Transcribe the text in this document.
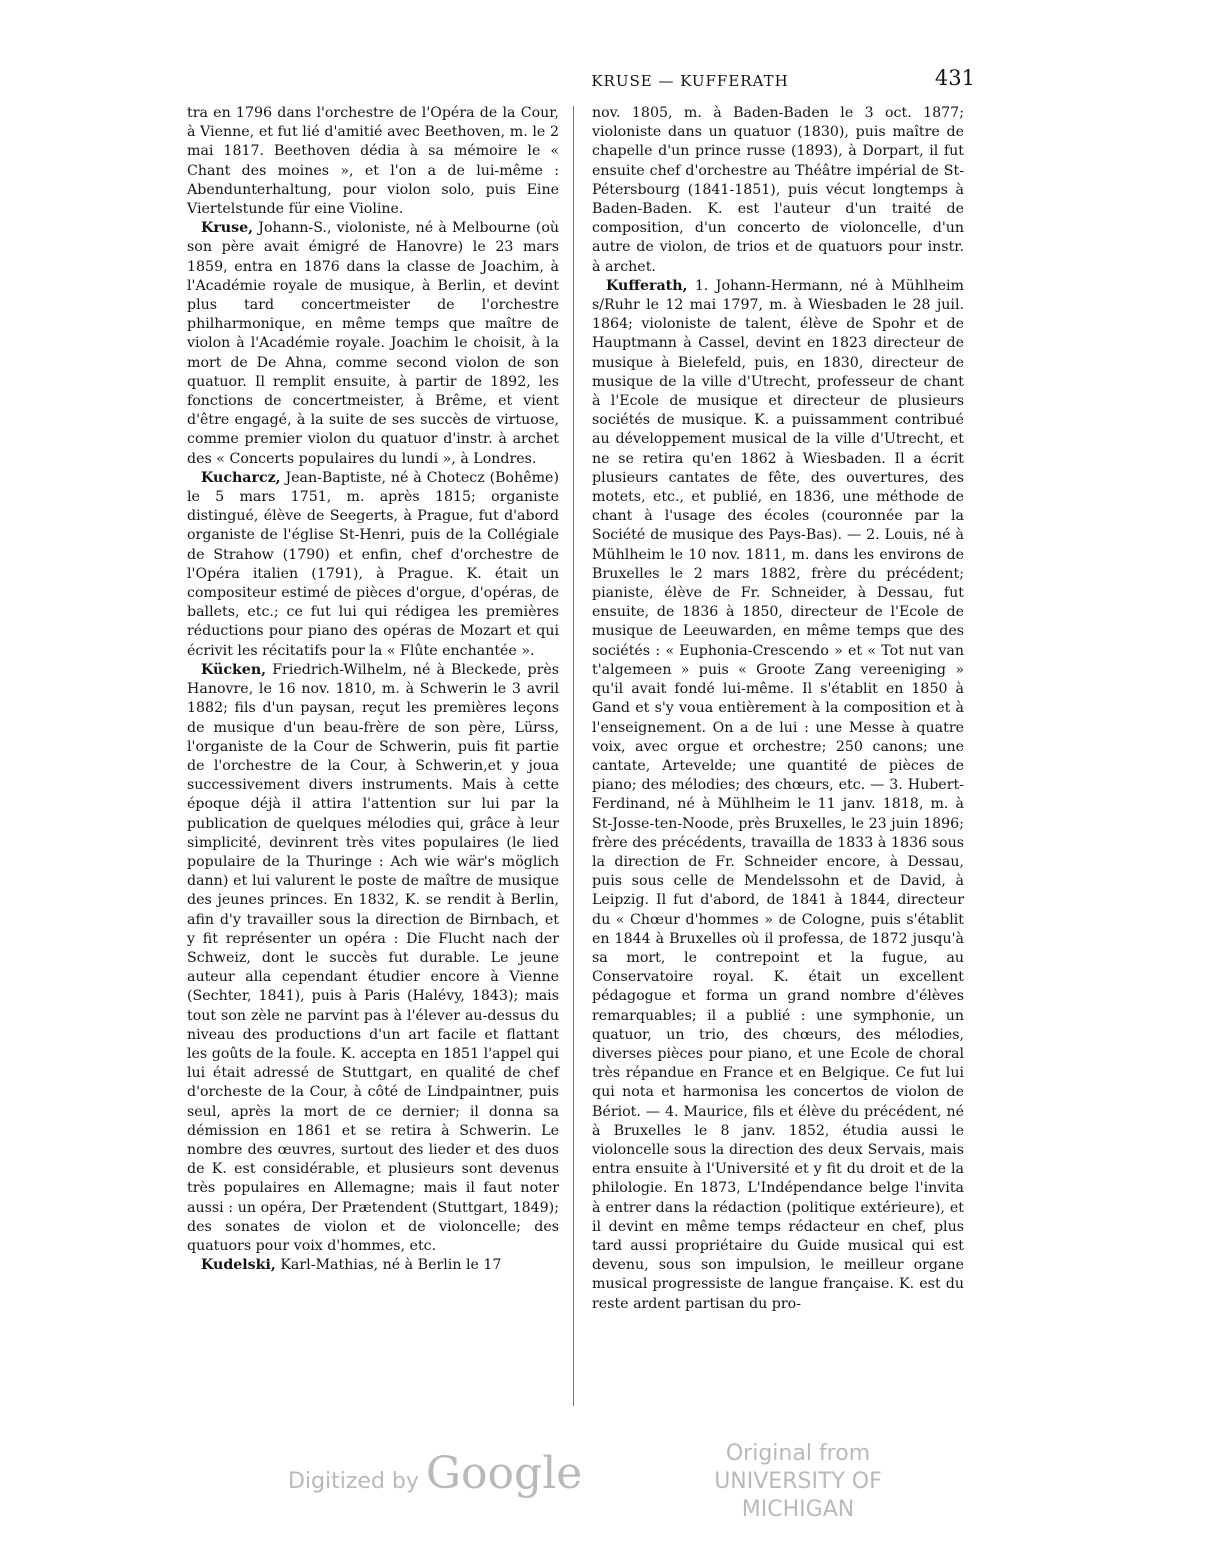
KRUSE — KUFFERATH	431

tra en 1796 dans l'orchestre de l'Opéra de la Cour, à Vienne, et fut lié d'amitié avec Beethoven, m. le 2 mai 1817. Beethoven dédia à sa mémoire le « Chant des moines », et l'on a de lui-même : Abendunterhaltung, pour violon solo, puis Eine Viertelstunde für eine Violine.

Kruse, Johann-S., violoniste, né à Melbourne (où son père avait émigré de Hanovre) le 23 mars 1859, entra en 1876 dans la classe de Joachim, à l'Académie royale de musique, à Berlin, et devint plus tard concertmeister de l'orchestre philharmonique, en même temps que maître de violon à l'Académie royale. Joachim le choisit, à la mort de De Ahna, comme second violon de son quatuor. Il remplit ensuite, à partir de 1892, les fonctions de concertmeister, à Brême, et vient d'être engagé, à la suite de ses succès de virtuose, comme premier violon du quatuor d'instr. à archet des « Concerts populaires du lundi », à Londres.

Kucharcz, Jean-Baptiste, né à Chotecz (Bohême) le 5 mars 1751, m. après 1815; organiste distingué, élève de Seegerts, à Prague, fut d'abord organiste de l'église St-Henri, puis de la Collégiale de Strahow (1790) et enfin, chef d'orchestre de l'Opéra italien (1791), à Prague. K. était un compositeur estimé de pièces d'orgue, d'opéras, de ballets, etc.; ce fut lui qui rédigea les premières réductions pour piano des opéras de Mozart et qui écrivit les récitatifs pour la « Flûte enchantée ».

Kücken, Friedrich-Wilhelm, né à Bleckede, près Hanovre, le 16 nov. 1810, m. à Schwerin le 3 avril 1882; fils d'un paysan, reçut les premières leçons de musique d'un beau-frère de son père, Lürss, l'organiste de la Cour de Schwerin, puis fit partie de l'orchestre de la Cour, à Schwerin,et y joua successivement divers instruments. Mais à cette époque déjà il attira l'attention sur lui par la publication de quelques mélodies qui, grâce à leur simplicité, devinrent très vites populaires (le lied populaire de la Thuringe : Ach wie wär's möglich dann) et lui valurent le poste de maître de musique des jeunes princes. En 1832, K. se rendit à Berlin, afin d'y travailler sous la direction de Birnbach, et y fit représenter un opéra : Die Flucht nach der Schweiz, dont le succès fut durable. Le jeune auteur alla cependant étudier encore à Vienne (Sechter, 1841), puis à Paris (Halévy, 1843); mais tout son zèle ne parvint pas à l'élever au-dessus du niveau des productions d'un art facile et flattant les goûts de la foule. K. accepta en 1851 l'appel qui lui était adressé de Stuttgart, en qualité de chef d'orcheste de la Cour, à côté de Lindpaintner, puis seul, après la mort de ce dernier; il donna sa démission en 1861 et se retira à Schwerin. Le nombre des œuvres, surtout des lieder et des duos de K. est considérable, et plusieurs sont devenus très populaires en Allemagne; mais il faut noter aussi : un opéra, Der Prætendent (Stuttgart, 1849); des sonates de violon et de violoncelle; des quatuors pour voix d'hommes, etc.

Kudelski, Karl-Mathias, né à Berlin le 17

nov. 1805, m. à Baden-Baden le 3 oct. 1877; violoniste dans un quatuor (1830), puis maître de chapelle d'un prince russe (1893), à Dorpart, il fut ensuite chef d'orchestre au Théâtre impérial de St-Pétersbourg (1841-1851), puis vécut longtemps à Baden-Baden. K. est l'auteur d'un traité de composition, d'un concerto de violoncelle, d'un autre de violon, de trios et de quatuors pour instr. à archet.

Kufferath, 1. Johann-Hermann, né à Mühlheim s/Ruhr le 12 mai 1797, m. à Wiesbaden le 28 juil. 1864; violoniste de talent, élève de Spohr et de Hauptmann à Cassel, devint en 1823 directeur de musique à Bielefeld, puis, en 1830, directeur de musique de la ville d'Utrecht, professeur de chant à l'Ecole de musique et directeur de plusieurs sociétés de musique. K. a puissamment contribué au développement musical de la ville d'Utrecht, et ne se retira qu'en 1862 à Wiesbaden. Il a écrit plusieurs cantates de fête, des ouvertures, des motets, etc., et publié, en 1836, une méthode de chant à l'usage des écoles (couronnée par la Société de musique des Pays-Bas). — 2. Louis, né à Mühlheim le 10 nov. 1811, m. dans les environs de Bruxelles le 2 mars 1882, frère du précédent; pianiste, élève de Fr. Schneider, à Dessau, fut ensuite, de 1836 à 1850, directeur de l'Ecole de musique de Leeuwarden, en même temps que des sociétés : « Euphonia-Crescendo » et « Tot nut van t'algemeen » puis « Groote Zang vereeniging » qu'il avait fondé lui-même. Il s'établit en 1850 à Gand et s'y voua entièrement à la composition et à l'enseignement. On a de lui : une Messe à quatre voix, avec orgue et orchestre; 250 canons; une cantate, Artevelde; une quantité de pièces de piano; des mélodies; des chœurs, etc. — 3. Hubert-Ferdinand, né à Mühlheim le 11 janv. 1818, m. à St-Josse-ten-Noode, près Bruxelles, le 23 juin 1896; frère des précédents, travailla de 1833 à 1836 sous la direction de Fr. Schneider encore, à Dessau, puis sous celle de Mendelssohn et de David, à Leipzig. Il fut d'abord, de 1841 à 1844, directeur du « Chœur d'hommes » de Cologne, puis s'établit en 1844 à Bruxelles où il professa, de 1872 jusqu'à sa mort, le contrepoint et la fugue, au Conservatoire royal. K. était un excellent pédagogue et forma un grand nombre d'élèves remarquables; il a publié : une symphonie, un quatuor, un trio, des chœurs, des mélodies, diverses pièces pour piano, et une Ecole de choral très répandue en France et en Belgique. Ce fut lui qui nota et harmonisa les concertos de violon de Bériot. — 4. Maurice, fils et élève du précédent, né à Bruxelles le 8 janv. 1852, étudia aussi le violoncelle sous la direction des deux Servais, mais entra ensuite à l'Université et y fit du droit et de la philologie. En 1873, L'Indépendance belge l'invita à entrer dans la rédaction (politique extérieure), et il devint en même temps rédacteur en chef, plus tard aussi propriétaire du Guide musical qui est devenu, sous son impulsion, le meilleur organe musical progressiste de langue française. K. est du reste ardent partisan du pro-

Digitized by Google	Original from
UNIVERSITY OF MICHIGAN
